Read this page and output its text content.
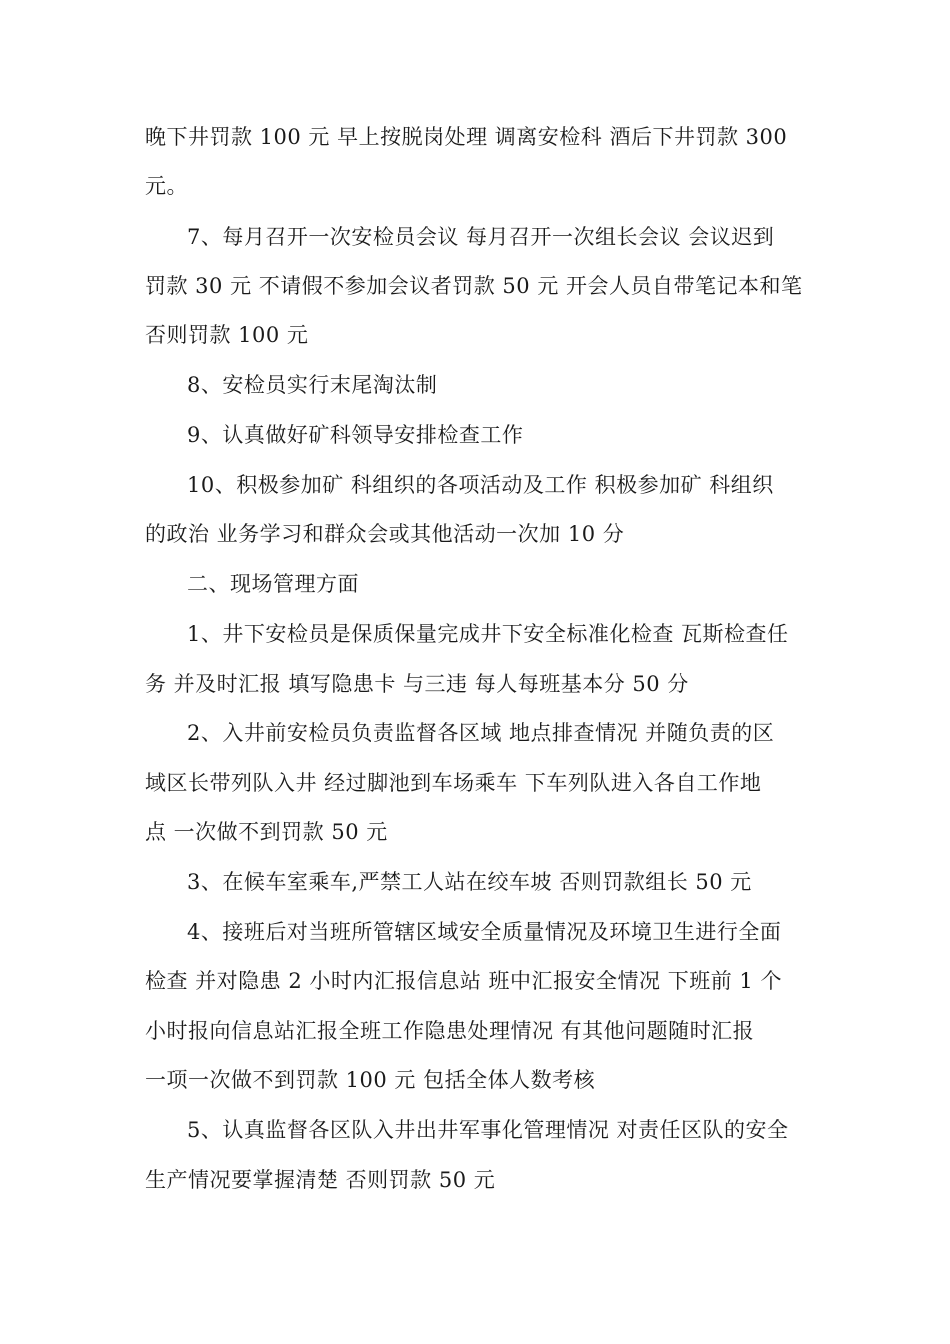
晚下井罚款 100 元 早上按脱岗处理 调离安检科 酒后下井罚款 300
元。
7、每月召开一次安检员会议 每月召开一次组长会议 会议迟到
罚款 30 元 不请假不参加会议者罚款 50 元 开会人员自带笔记本和笔
否则罚款 100 元
8、安检员实行末尾淘汰制
9、认真做好矿科领导安排检查工作
10、积极参加矿 科组织的各项活动及工作 积极参加矿 科组织
的政治 业务学习和群众会或其他活动一次加 10 分
二、现场管理方面
1、井下安检员是保质保量完成井下安全标准化检查 瓦斯检查任
务 并及时汇报 填写隐患卡 与三违 每人每班基本分 50 分
2、入井前安检员负责监督各区域 地点排查情况 并随负责的区
域区长带列队入井 经过脚池到车场乘车 下车列队进入各自工作地
点 一次做不到罚款 50 元
3、在候车室乘车,严禁工人站在绞车坡 否则罚款组长 50 元
4、接班后对当班所管辖区域安全质量情况及环境卫生进行全面
检查 并对隐患 2 小时内汇报信息站 班中汇报安全情况 下班前 1 个
小时报向信息站汇报全班工作隐患处理情况 有其他问题随时汇报
一项一次做不到罚款 100 元 包括全体人数考核
5、认真监督各区队入井出井军事化管理情况 对责任区队的安全
生产情况要掌握清楚 否则罚款 50 元
